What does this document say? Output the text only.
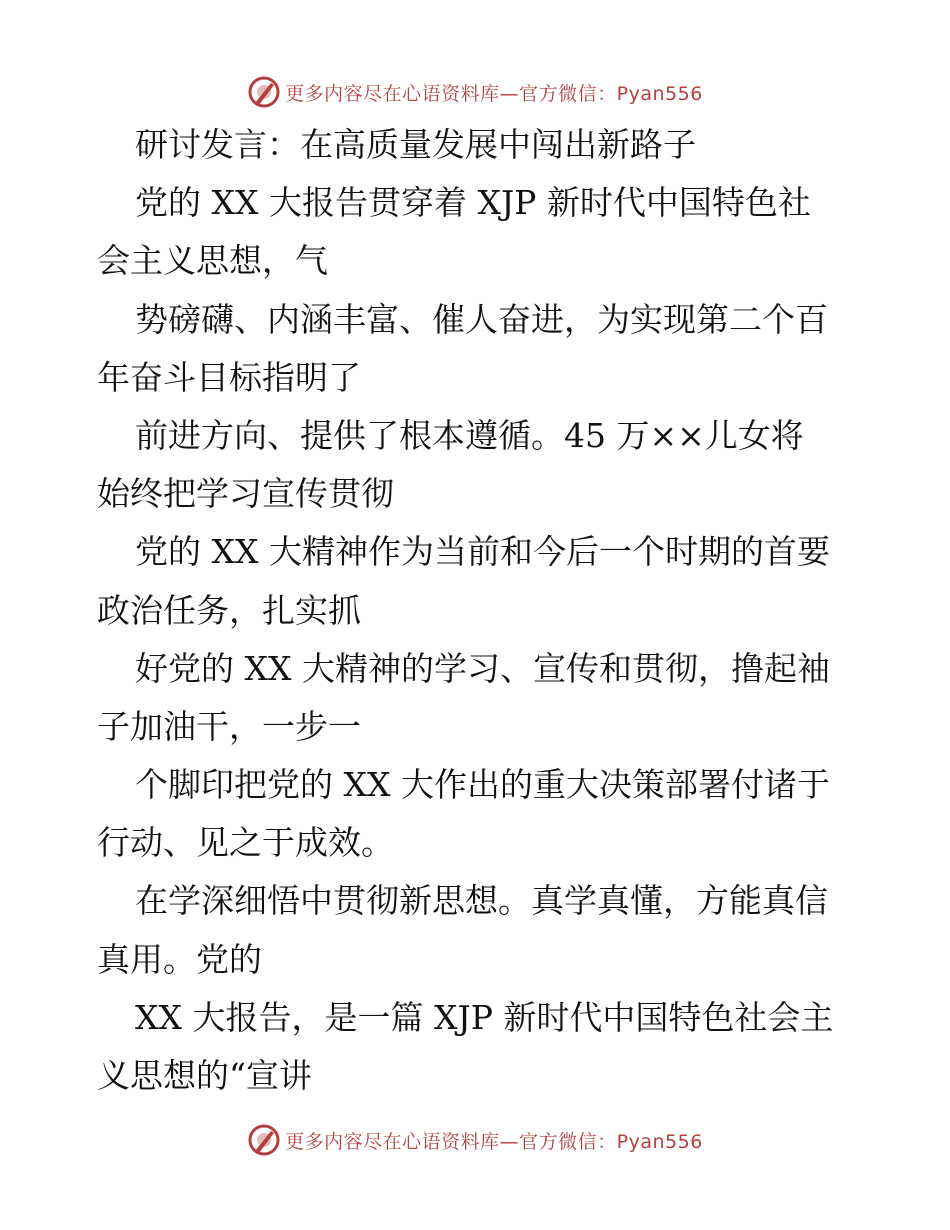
更多内容尽在心语资料库—官方微信：Pyan556
研讨发言：在高质量发展中闯出新路子
党的 XX 大报告贯穿着 XJP 新时代中国特色社
会主义思想，气
势磅礴、内涵丰富、催人奋进，为实现第二个百
年奋斗目标指明了
前进方向、提供了根本遵循。45 万××儿女将
始终把学习宣传贯彻
党的 XX 大精神作为当前和今后一个时期的首要
政治任务，扎实抓
好党的 XX 大精神的学习、宣传和贯彻，撸起袖
子加油干，一步一
个脚印把党的 XX 大作出的重大决策部署付诸于
行动、见之于成效。
在学深细悟中贯彻新思想。真学真懂，方能真信
真用。党的
XX 大报告，是一篇 XJP 新时代中国特色社会主
义思想的“宣讲
更多内容尽在心语资料库—官方微信：Pyan556
